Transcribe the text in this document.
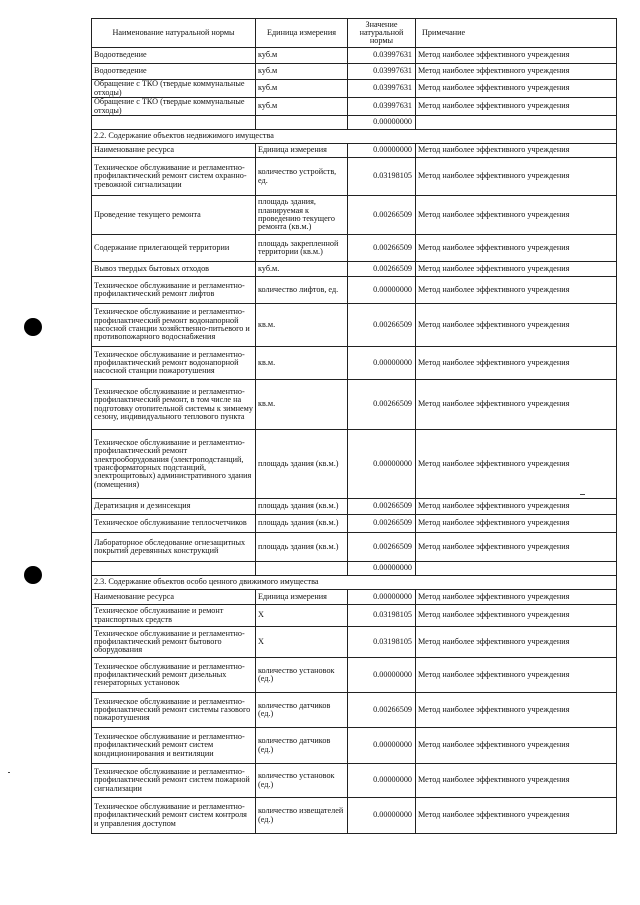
Наименование натуральной нормы	Единица измерения	Значение натуральной нормы	Примечание
Водоотведение	куб.м	0.03997631	Метод наиболее эффективного учреждения
Водоотведение	куб.м	0.03997631	Метод наиболее эффективного учреждения
Обращение с ТКО (твердые коммунальные отходы)	куб.м	0.03997631	Метод наиболее эффективного учреждения
Обращение с ТКО (твердые коммунальные отходы)	куб.м	0.03997631	Метод наиболее эффективного учреждения
		0.00000000	
2.2. Содержание объектов недвижимого имущества			
Наименование ресурса	Единица измерения	0.00000000	Метод наиболее эффективного учреждения
Техническое обслуживание и регламентно-профилактический ремонт систем охранно-тревожной сигнализации	количество устройств, ед.	0.03198105	Метод наиболее эффективного учреждения
Проведение текущего ремонта	площадь здания, планируемая к проведению текущего ремонта (кв.м.)	0.00266509	Метод наиболее эффективного учреждения
Содержание прилегающей территории	площадь закрепленной территории (кв.м.)	0.00266509	Метод наиболее эффективного учреждения
Вывоз твердых бытовых отходов	куб.м.	0.00266509	Метод наиболее эффективного учреждения
Техническое обслуживание и регламентно-профилактический ремонт лифтов	количество лифтов, ед.	0.00000000	Метод наиболее эффективного учреждения
Техническое обслуживание и регламентно-профилактический ремонт водонапорной насосной станции хозяйственно-питьевого и противопожарного водоснабжения	кв.м.	0.00266509	Метод наиболее эффективного учреждения
Техническое обслуживание и регламентно-профилактический ремонт водонапорной насосной станции пожаротушения	кв.м.	0.00000000	Метод наиболее эффективного учреждения
Техническое обслуживание и регламентно-профилактический ремонт, в том числе на подготовку отопительной системы к зимнему сезону, индивидуального теплового пункта	кв.м.	0.00266509	Метод наиболее эффективного учреждения
Техническое обслуживание и регламентно-профилактический ремонт электрооборудования (электроподстанций, трансформаторных подстанций, электрощитовых) административного здания (помещения)	площадь здания (кв.м.)	0.00000000	Метод наиболее эффективного учреждения
Дератизация и дезинсекция	площадь здания (кв.м.)	0.00266509	Метод наиболее эффективного учреждения
Техническое обслуживание теплосчетчиков	площадь здания (кв.м.)	0.00266509	Метод наиболее эффективного учреждения
Лабораторное обследование огнезащитных покрытий деревянных конструкций	площадь здания (кв.м.)	0.00266509	Метод наиболее эффективного учреждения
		0.00000000	
2.3. Содержание объектов особо ценного движимого имущества			
Наименование ресурса	Единица измерения	0.00000000	Метод наиболее эффективного учреждения
Техническое обслуживание и ремонт транспортных средств	X	0.03198105	Метод наиболее эффективного учреждения
Техническое обслуживание и регламентно-профилактический ремонт бытового оборудования	X	0.03198105	Метод наиболее эффективного учреждения
Техническое обслуживание и регламентно-профилактический ремонт дизельных генераторных установок	количество установок (ед.)	0.00000000	Метод наиболее эффективного учреждения
Техническое обслуживание и регламентно-профилактический ремонт системы газового пожаротушения	количество датчиков (ед.)	0.00266509	Метод наиболее эффективного учреждения
Техническое обслуживание и регламентно-профилактический ремонт систем кондиционирования и вентиляции	количество датчиков (ед.)	0.00000000	Метод наиболее эффективного учреждения
Техническое обслуживание и регламентно-профилактический ремонт систем пожарной сигнализации	количество установок (ед.)	0.00000000	Метод наиболее эффективного учреждения
Техническое обслуживание и регламентно-профилактический ремонт систем контроля и управления доступом	количество извещателей (ед.)	0.00000000	Метод наиболее эффективного учреждения
